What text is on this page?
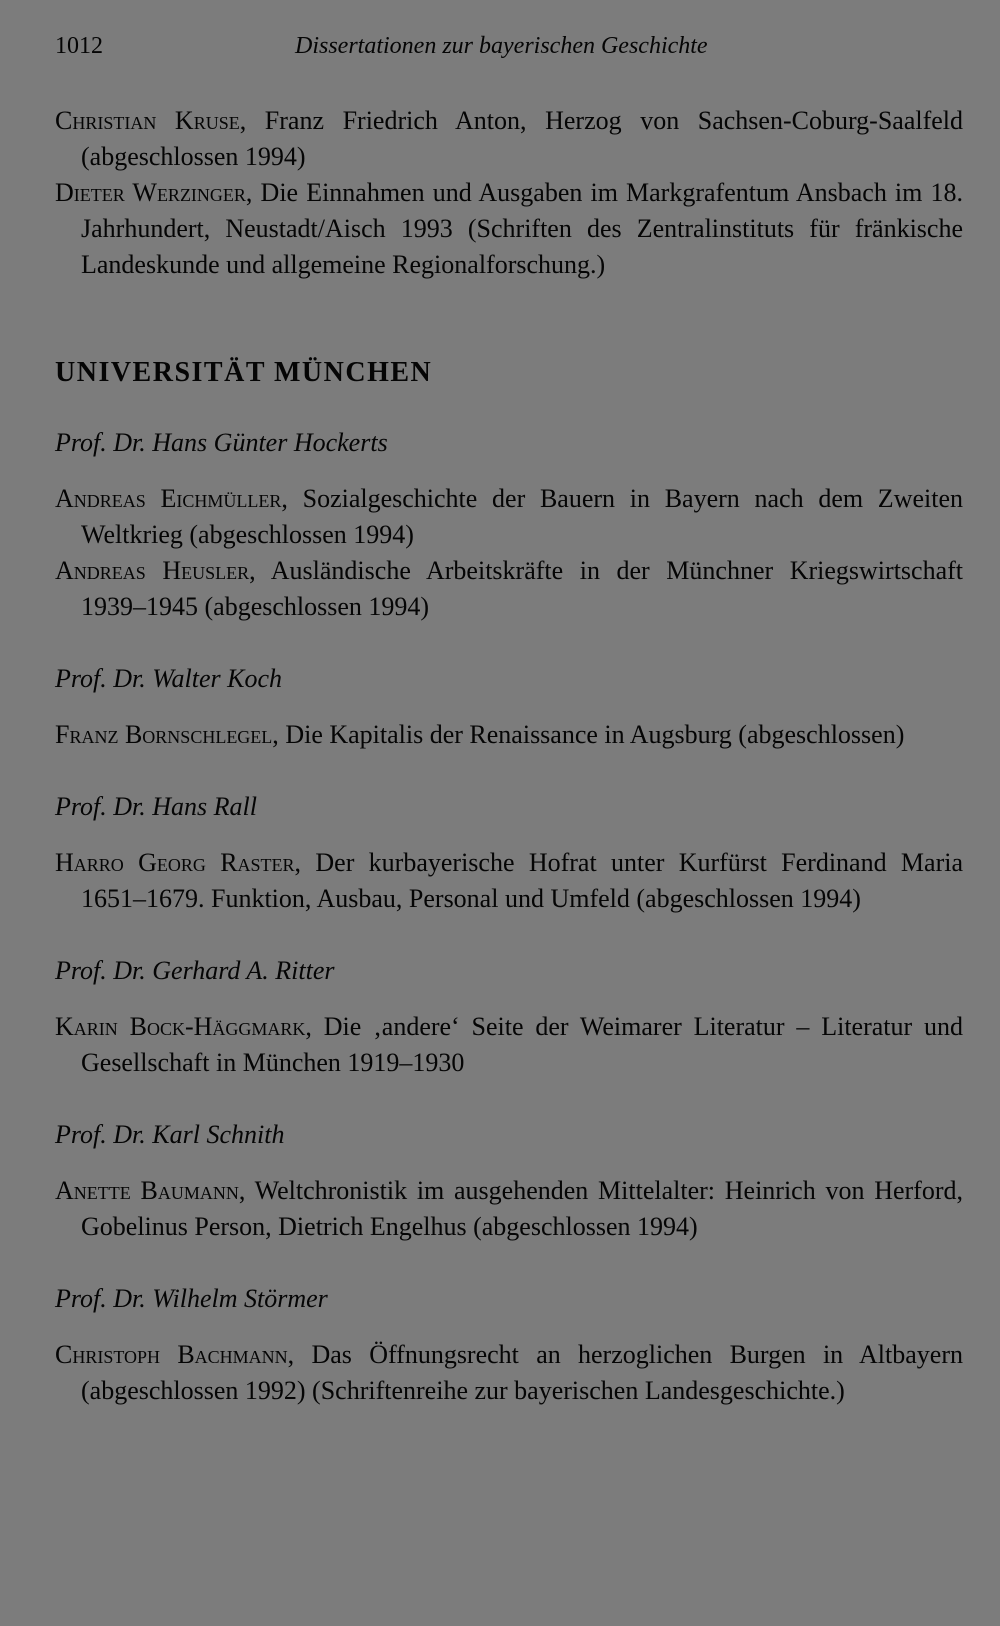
1012	Dissertationen zur bayerischen Geschichte

Christian Kruse, Franz Friedrich Anton, Herzog von Sachsen-Coburg-Saalfeld (abgeschlossen 1994)

Dieter Werzinger, Die Einnahmen und Ausgaben im Markgrafentum Ansbach im 18. Jahrhundert, Neustadt/Aisch 1993 (Schriften des Zentralinstituts für fränkische Landeskunde und allgemeine Regionalforschung.)

UNIVERSITÄT MÜNCHEN

Prof. Dr. Hans Günter Hockerts

Andreas Eichmüller, Sozialgeschichte der Bauern in Bayern nach dem Zweiten Weltkrieg (abgeschlossen 1994)

Andreas Heusler, Ausländische Arbeitskräfte in der Münchner Kriegswirtschaft 1939–1945 (abgeschlossen 1994)

Prof. Dr. Walter Koch

Franz Bornschlegel, Die Kapitalis der Renaissance in Augsburg (abgeschlossen)

Prof. Dr. Hans Rall

Harro Georg Raster, Der kurbayerische Hofrat unter Kurfürst Ferdinand Maria 1651–1679. Funktion, Ausbau, Personal und Umfeld (abgeschlossen 1994)

Prof. Dr. Gerhard A. Ritter

Karin Bock-Häggmark, Die ‚andere‘ Seite der Weimarer Literatur – Literatur und Gesellschaft in München 1919–1930

Prof. Dr. Karl Schnith

Anette Baumann, Weltchronistik im ausgehenden Mittelalter: Heinrich von Herford, Gobelinus Person, Dietrich Engelhus (abgeschlossen 1994)

Prof. Dr. Wilhelm Störmer

Christoph Bachmann, Das Öffnungsrecht an herzoglichen Burgen in Altbayern (abgeschlossen 1992) (Schriftenreihe zur bayerischen Landesgeschichte.)
